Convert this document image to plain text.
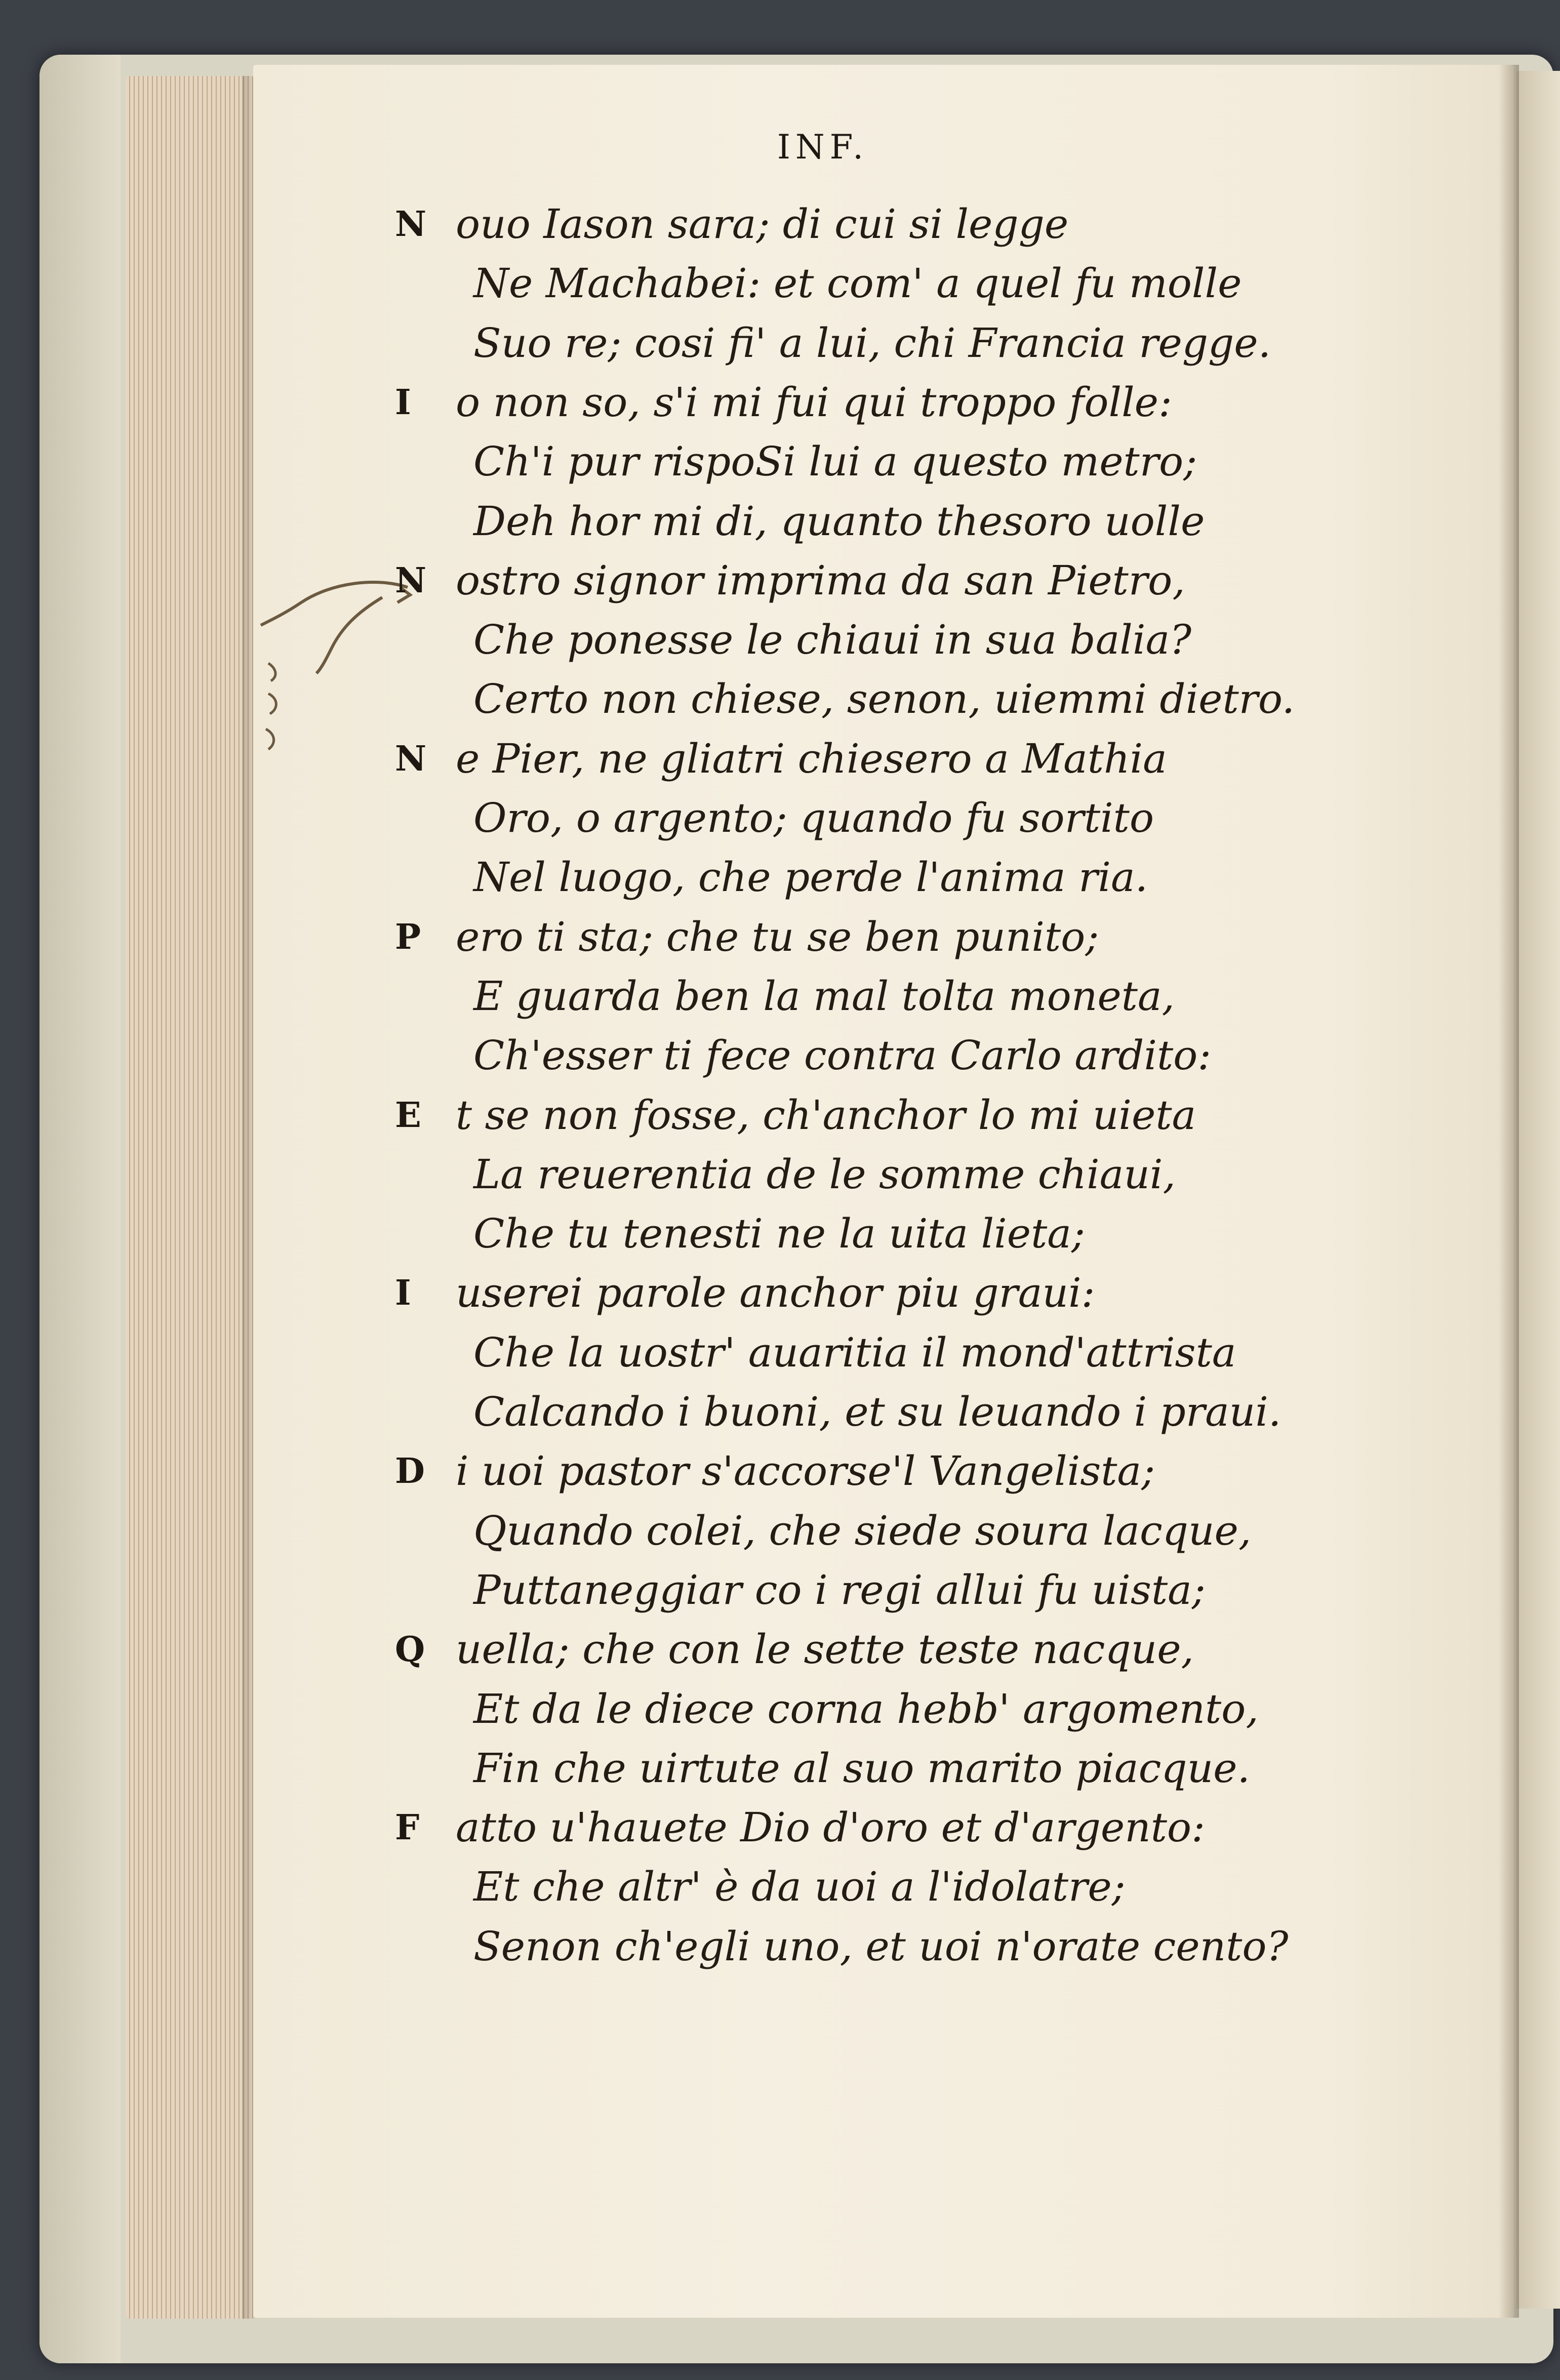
INF.
N ouo Iason sara; di cui si legge
Ne Machabei: et com' a quel fu molle
Suo re; cosi fi' a lui, chi Francia regge.
I	o non so, s'i mi fui qui troppo folle:
Ch'i pur rispoSi lui a questo metro;
Deh hor mi di, quanto thesoro uolle
N ostro signor imprima da san Pietro,
Che ponesse le chiaui in sua balia?
Certo non chiese, senon, uiemmi dietro.
N e Pier, ne gliatri chiesero a Mathia
Oro, o argento; quando fu sortito
Nel luogo, che perde l'anima ria.
P ero ti sta; che tu se ben punito;
E guarda ben la mal tolta moneta,
Ch'esser ti fece contra Carlo ardito:
E t se non fosse, ch'anchor lo mi uieta
La reuerentia de le somme chiaui,
Che tu tenesti ne la uita lieta;
I	userei parole anchor piu graui:
Che la uostr' auaritia il mond'attrista
Calcando i buoni, et su leuando i praui.
D i uoi pastor s'accorse'l Vangelista;
Quando colei, che siede soura lacque,
Puttaneggiar co i regi allui fu uista;
Q uella; che con le sette teste nacque,
Et da le diece corna hebb' argomento,
Fin che uirtute al suo marito piacque.
F atto u'hauete Dio d'oro et d'argento:
Et che altr' è da uoi a l'idolatre;
Senon ch'egli uno, et uoi n'orate cento?
